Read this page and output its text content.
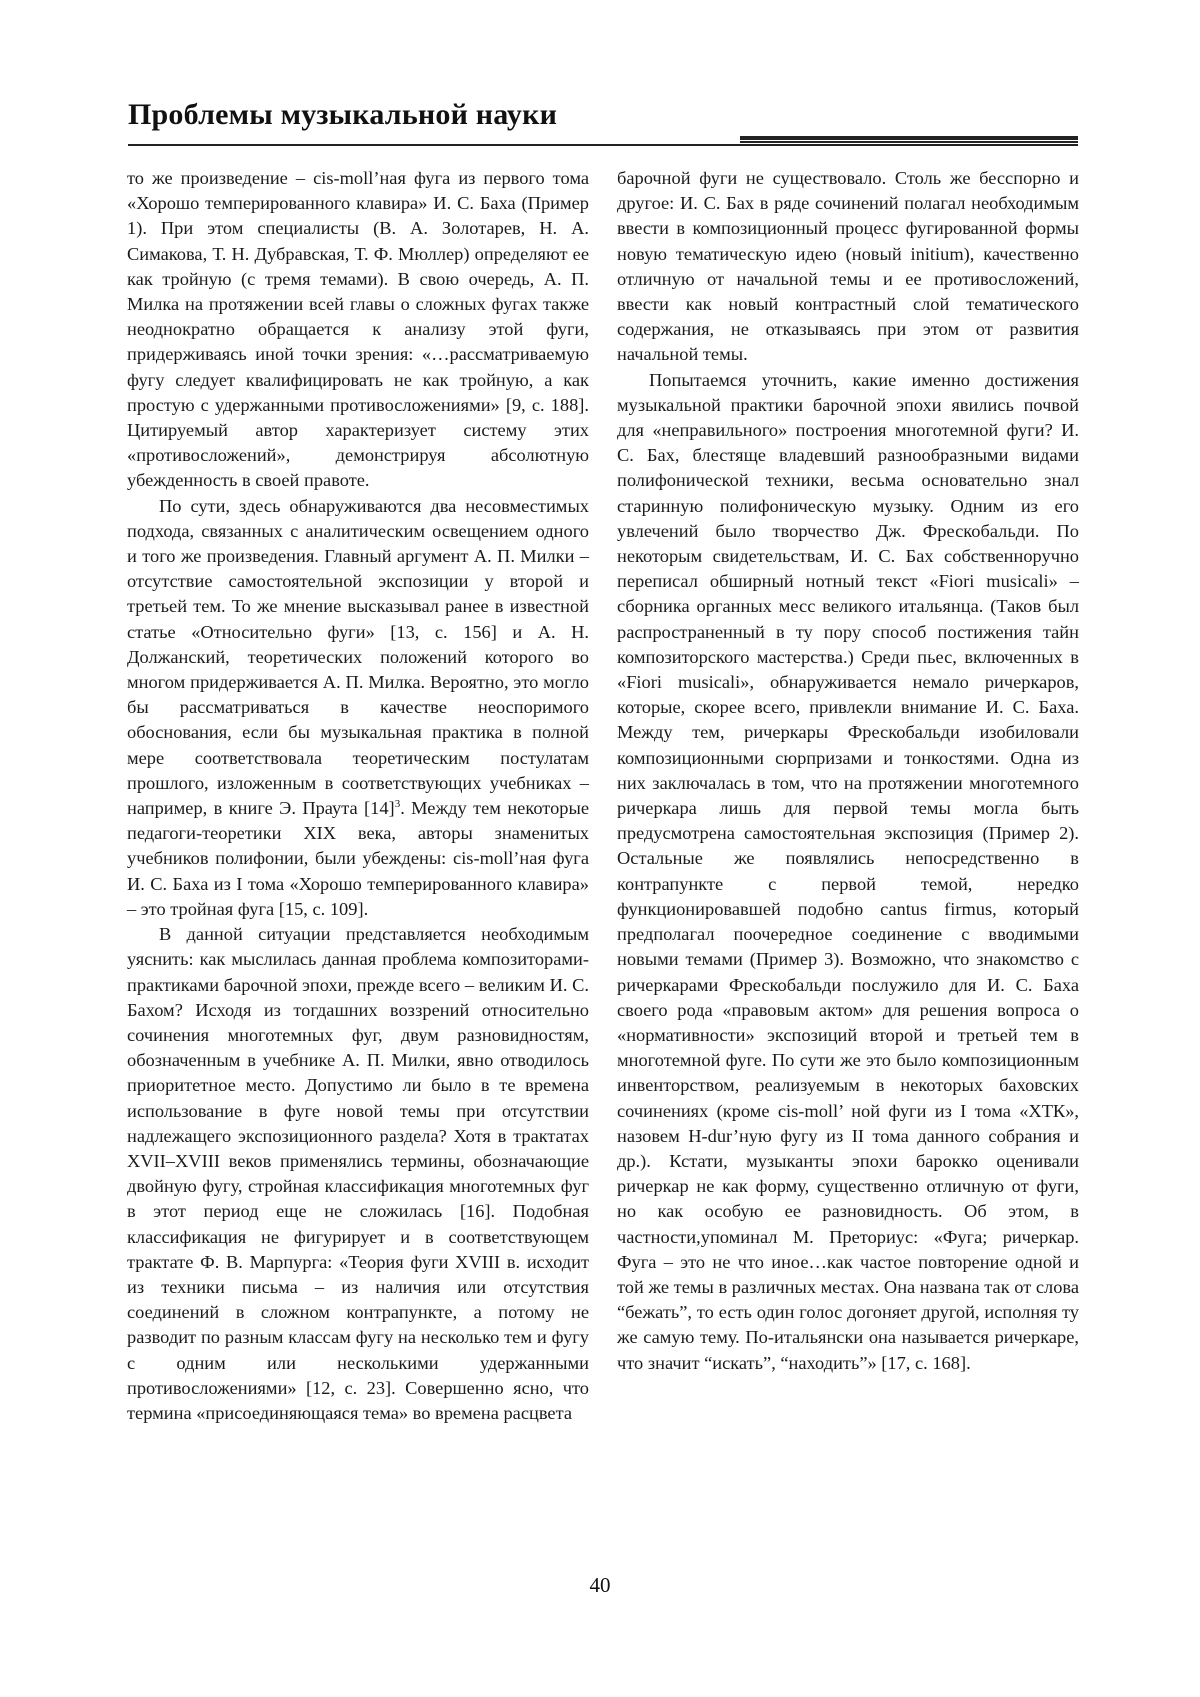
Проблемы музыкальной науки

то же произведение – cis-moll’ная фуга из первого тома «Хорошо темперированного клавира» И. С. Баха (Пример 1). При этом специалисты (В. А. Золотарев, Н. А. Симакова, Т. Н. Дубравская, Т. Ф. Мюллер) определяют ее как тройную (с тремя темами). В свою очередь, А. П. Милка на протяжении всей главы о сложных фугах также неоднократно обращается к анализу этой фуги, придерживаясь иной точки зрения: «…рассматриваемую фугу следует квалифицировать не как тройную, а как простую с удержанными противосложениями» [9, с. 188]. Цитируемый автор характеризует систему этих «противосложений», демонстрируя абсолютную убежденность в своей правоте.

По сути, здесь обнаруживаются два несовместимых подхода, связанных с аналитическим освещением одного и того же произведения. Главный аргумент А. П. Милки – отсутствие самостоятельной экспозиции у второй и третьей тем. То же мнение высказывал ранее в известной статье «Относительно фуги» [13, с. 156] и А. Н. Должанский, теоретических положений которого во многом придерживается А. П. Милка. Вероятно, это могло бы рассматриваться в качестве неоспоримого обоснования, если бы музыкальная практика в полной мере соответствовала теоретическим постулатам прошлого, изложенным в соответствующих учебниках – например, в книге Э. Праута $[14]^3$. Между тем некоторые педагоги-теоретики XIX века, авторы знаменитых учебников полифонии, были убеждены: cis-moll’ная фуга И. С. Баха из I тома «Хорошо темперированного клавира» – это тройная фуга [15, с. 109].

В данной ситуации представляется необходимым уяснить: как мыслилась данная проблема композиторами-практиками барочной эпохи, прежде всего – великим И. С. Бахом? Исходя из тогдашних воззрений относительно сочинения многотемных фуг, двум разновидностям, обозначенным в учебнике А. П. Милки, явно отводилось приоритетное место. Допустимо ли было в те времена использование в фуге новой темы при отсутствии надлежащего экспозиционного раздела? Хотя в трактатах XVII–XVIII веков применялись термины, обозначающие двойную фугу, стройная классификация многотемных фуг в этот период еще не сложилась [16]. Подобная классификация не фигурирует и в соответствующем трактате Ф. В. Марпурга: «Теория фуги XVIII в. исходит из техники письма – из наличия или отсутствия соединений в сложном контрапункте, а потому не разводит по разным классам фугу на несколько тем и фугу с одним или несколькими удержанными противосложениями» [12, с. 23]. Совершенно ясно, что термина «присоединяющаяся тема» во времена расцвета

барочной фуги не существовало. Столь же бесспорно и другое: И. С. Бах в ряде сочинений полагал необходимым ввести в композиционный процесс фугированной формы новую тематическую идею (новый initium), качественно отличную от начальной темы и ее противосложений, ввести как новый контрастный слой тематического содержания, не отказываясь при этом от развития начальной темы.

Попытаемся уточнить, какие именно достижения музыкальной практики барочной эпохи явились почвой для «неправильного» построения многотемной фуги? И. С. Бах, блестяще владевший разнообразными видами полифонической техники, весьма основательно знал старинную полифоническую музыку. Одним из его увлечений было творчество Дж. Фрескобальди. По некоторым свидетельствам, И. С. Бах собственноручно переписал обширный нотный текст «Fiori musicali» – сборника органных месс великого итальянца. (Таков был распространенный в ту пору способ постижения тайн композиторского мастерства.) Среди пьес, включенных в «Fiori musicali», обнаруживается немало ричеркаров, которые, скорее всего, привлекли внимание И. С. Баха. Между тем, ричеркары Фрескобальди изобиловали композиционными сюрпризами и тонкостями. Одна из них заключалась в том, что на протяжении многотемного ричеркара лишь для первой темы могла быть предусмотрена самостоятельная экспозиция (Пример 2). Остальные же появлялись непосредственно в контрапункте с первой темой, нередко функционировавшей подобно cantus firmus, который предполагал поочередное соединение с вводимыми новыми темами (Пример 3). Возможно, что знакомство с ричеркарами Фрескобальди послужило для И. С. Баха своего рода «правовым актом» для решения вопроса о «нормативности» экспозиций второй и третьей тем в многотемной фуге. По сути же это было композиционным инвенторством, реализуемым в некоторых баховских сочинениях (кроме cis-moll’ ной фуги из I тома «ХТК», назовем H-dur’ную фугу из II тома данного собрания и др.). Кстати, музыканты эпохи барокко оценивали ричеркар не как форму, существенно отличную от фуги, но как особую ее разновидность. Об этом, в частности,упоминал М. Преториус: «Фуга; ричеркар. Фуга – это не что иное…как частое повторение одной и той же темы в различных местах. Она названа так от слова “бежать”, то есть один голос догоняет другой, исполняя ту же самую тему. По-итальянски она называется ричеркаре, что значит “искать”, “находить”» [17, с. 168].

40
